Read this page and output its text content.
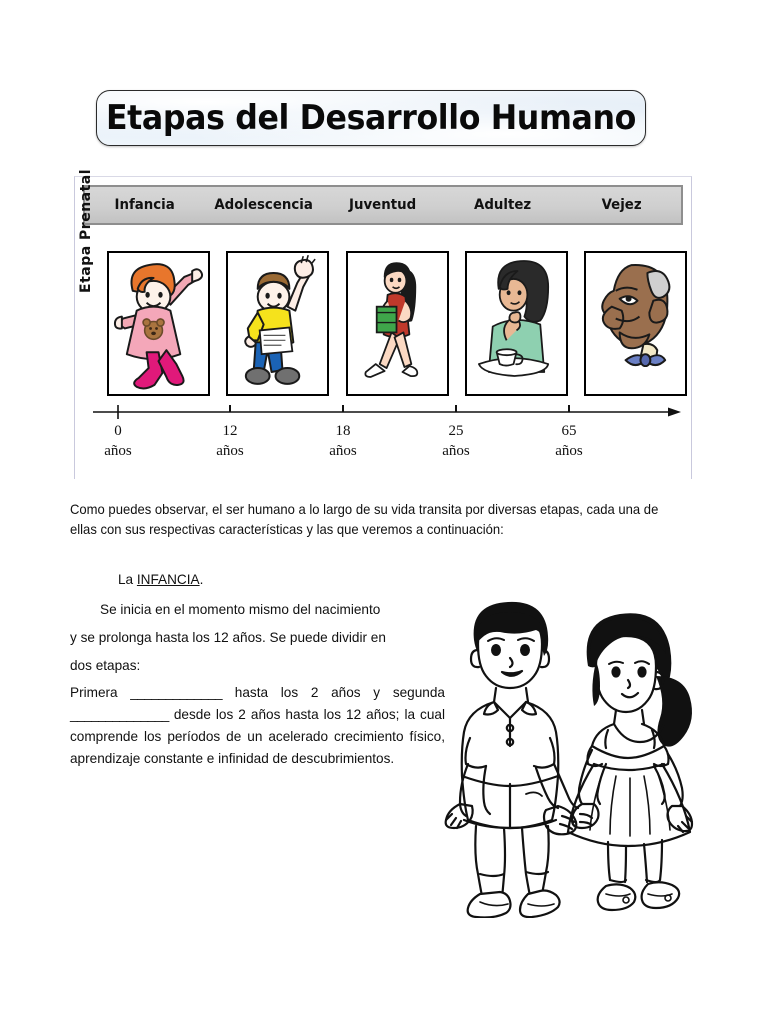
Etapas del Desarrollo Humano
Infancia	Adolescencia	Juventud	Adultez	Vejez
Etapa Prenatal
0
años
12
años
18
años
25
años
65
años
Como puedes observar, el ser humano a lo largo de su vida transita por diversas etapas, cada una de ellas con sus respectivas características y las que veremos a continuación:
La INFANCIA.

Se inicia en el momento mismo del nacimiento

y se prolonga hasta los 12 años. Se puede dividir en

dos etapas:

Primera _____________ hasta los 2 años y segunda ______________ desde los 2 años hasta los 12 años; la cual comprende los períodos de un acelerado crecimiento físico, aprendizaje constante e infinidad de descubrimientos.
